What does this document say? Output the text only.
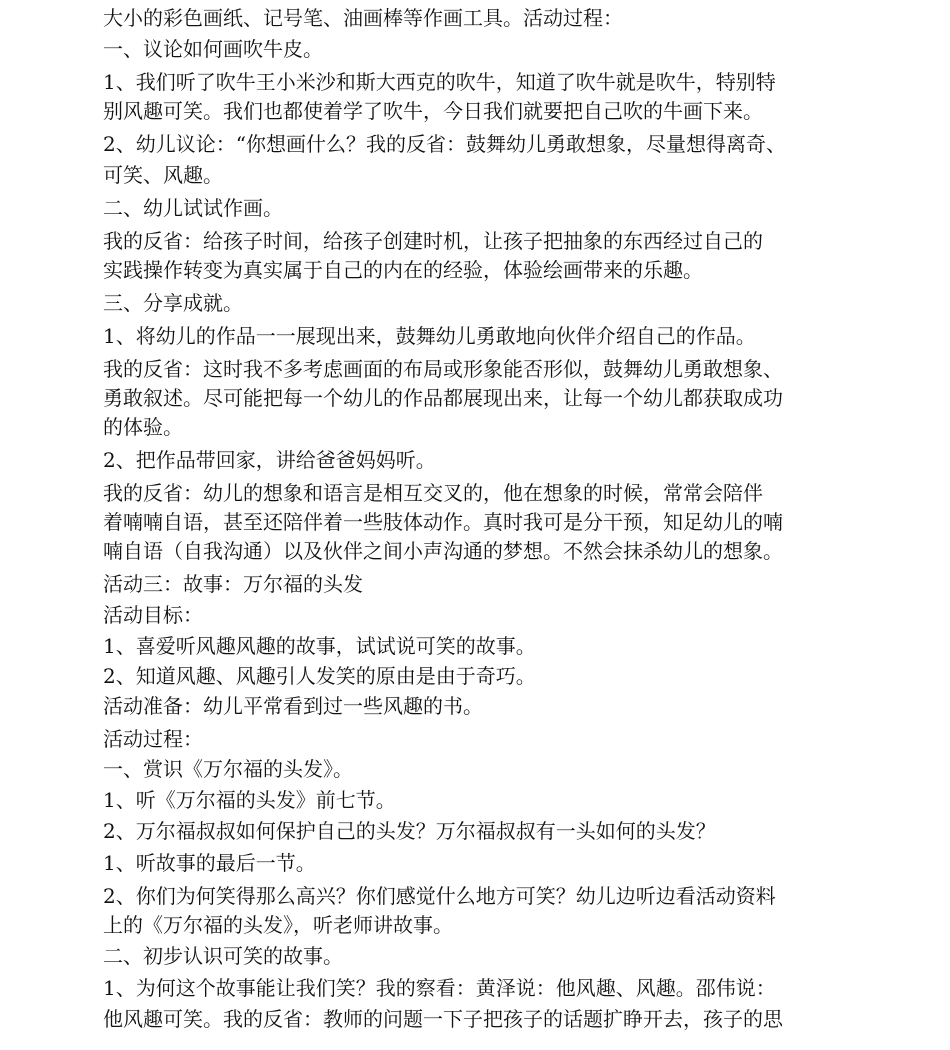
大小的彩色画纸、记号笔、油画棒等作画工具。活动过程：
一、议论如何画吹牛皮。
1、我们听了吹牛王小米沙和斯大西克的吹牛，知道了吹牛就是吹牛，特别特
别风趣可笑。我们也都使着学了吹牛，今日我们就要把自己吹的牛画下来。
2、幼儿议论：“你想画什么？我的反省：鼓舞幼儿勇敢想象，尽量想得离奇、
可笑、风趣。
二、幼儿试试作画。
我的反省：给孩子时间，给孩子创建时机，让孩子把抽象的东西经过自己的
实践操作转变为真实属于自己的内在的经验，体验绘画带来的乐趣。
三、分享成就。
1、将幼儿的作品一一展现出来，鼓舞幼儿勇敢地向伙伴介绍自己的作品。
我的反省：这时我不多考虑画面的布局或形象能否形似，鼓舞幼儿勇敢想象、
勇敢叙述。尽可能把每一个幼儿的作品都展现出来，让每一个幼儿都获取成功
的体验。
2、把作品带回家，讲给爸爸妈妈听。
我的反省：幼儿的想象和语言是相互交叉的，他在想象的时候，常常会陪伴
着喃喃自语，甚至还陪伴着一些肢体动作。真时我可是分干预，知足幼儿的喃
喃自语（自我沟通）以及伙伴之间小声沟通的梦想。不然会抹杀幼儿的想象。
活动三：故事：万尔福的头发
活动目标：
1、喜爱听风趣风趣的故事，试试说可笑的故事。
2、知道风趣、风趣引人发笑的原由是由于奇巧。
活动准备：幼儿平常看到过一些风趣的书。
活动过程：
一、赏识《万尔福的头发》。
1、听《万尔福的头发》前七节。
2、万尔福叔叔如何保护自己的头发？万尔福叔叔有一头如何的头发？
1、听故事的最后一节。
2、你们为何笑得那么高兴？你们感觉什么地方可笑？幼儿边听边看活动资料
上的《万尔福的头发》，听老师讲故事。
二、初步认识可笑的故事。
1、为何这个故事能让我们笑？我的察看：黄泽说：他风趣、风趣。邵伟说：
他风趣可笑。我的反省：教师的问题一下子把孩子的话题扩睁开去，孩子的思
